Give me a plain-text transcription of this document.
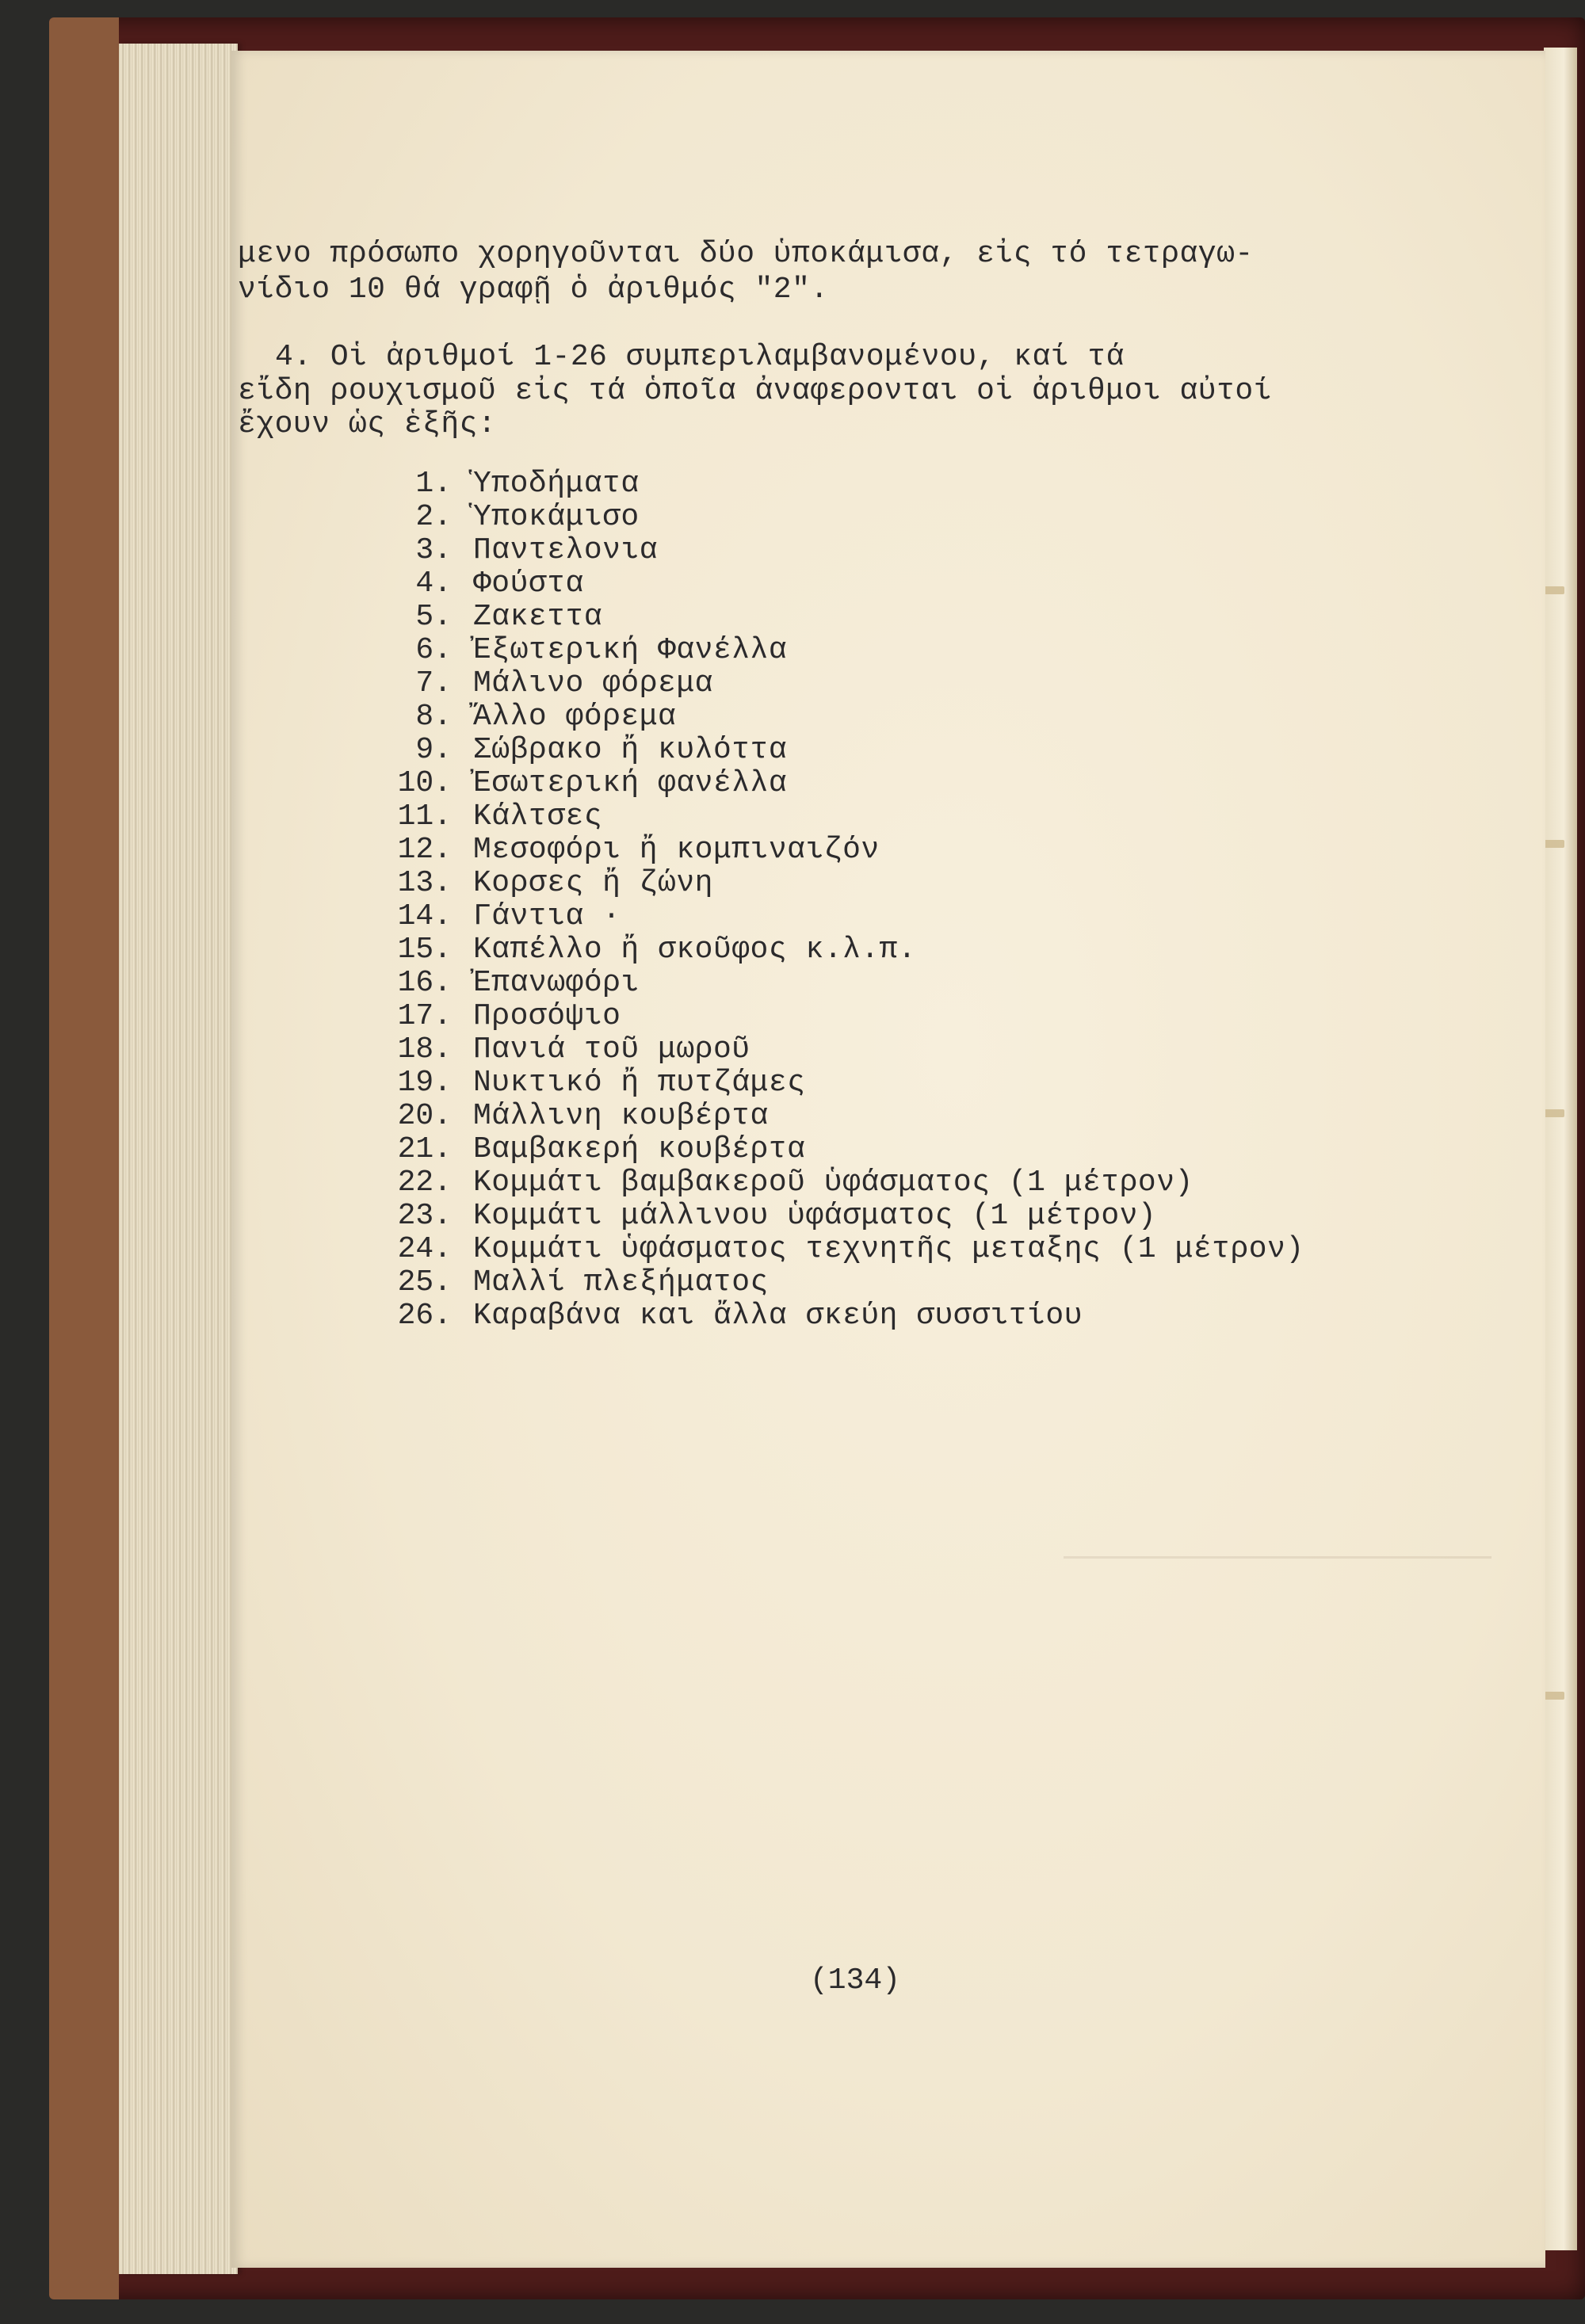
μενο πρόσωπο χορηγοῦνται δύο ὑποκάμισα, εἰς τό τετραγω-
νίδιο 10 θά γραφῇ ὁ ἀριθμός "2".
4. Οἱ ἀριθμοί 1-26 συμπεριλαμβανομένου, καί τά
εἴδη ρουχισμοῦ εἰς τά ὁποῖα ἀναφερονται οἱ ἀριθμοι αὐτοί
ἔχουν ὡς ἑξῆς:
1. Ὑποδήματα
2. Ὑποκάμισο
3. Παντελονια
4. Φούστα
5. Ζακεττα
6. Ἐξωτερική Φανέλλα
7. Μάλινο φόρεμα
8. Ἄλλο φόρεμα
9. Σώβρακο ἤ κυλόττα
10. Ἐσωτερική φανέλλα
11. Κάλτσες
12. Μεσοφόρι ἤ κομπιναιζόν
13. Κορσες ἤ ζώνη
14. Γάντια ·
15. Καπέλλο ἤ σκοῦφος κ.λ.π.
16. Ἐπανωφόρι
17. Προσόψιο
18. Πανιά τοῦ μωροῦ
19. Νυκτικό ἤ πυτζάμες
20. Μάλλινη κουβέρτα
21. Βαμβακερή κουβέρτα
22. Κομμάτι βαμβακεροῦ ὑφάσματος (1 μέτρον)
23. Κομμάτι μάλλινου ὑφάσματος (1 μέτρον)
24. Κομμάτι ὑφάσματος τεχνητῆς μεταξης (1 μέτρον)
25. Μαλλί πλεξήματος
26. Καραβάνα και ἄλλα σκεύη συσσιτίου
(134)
